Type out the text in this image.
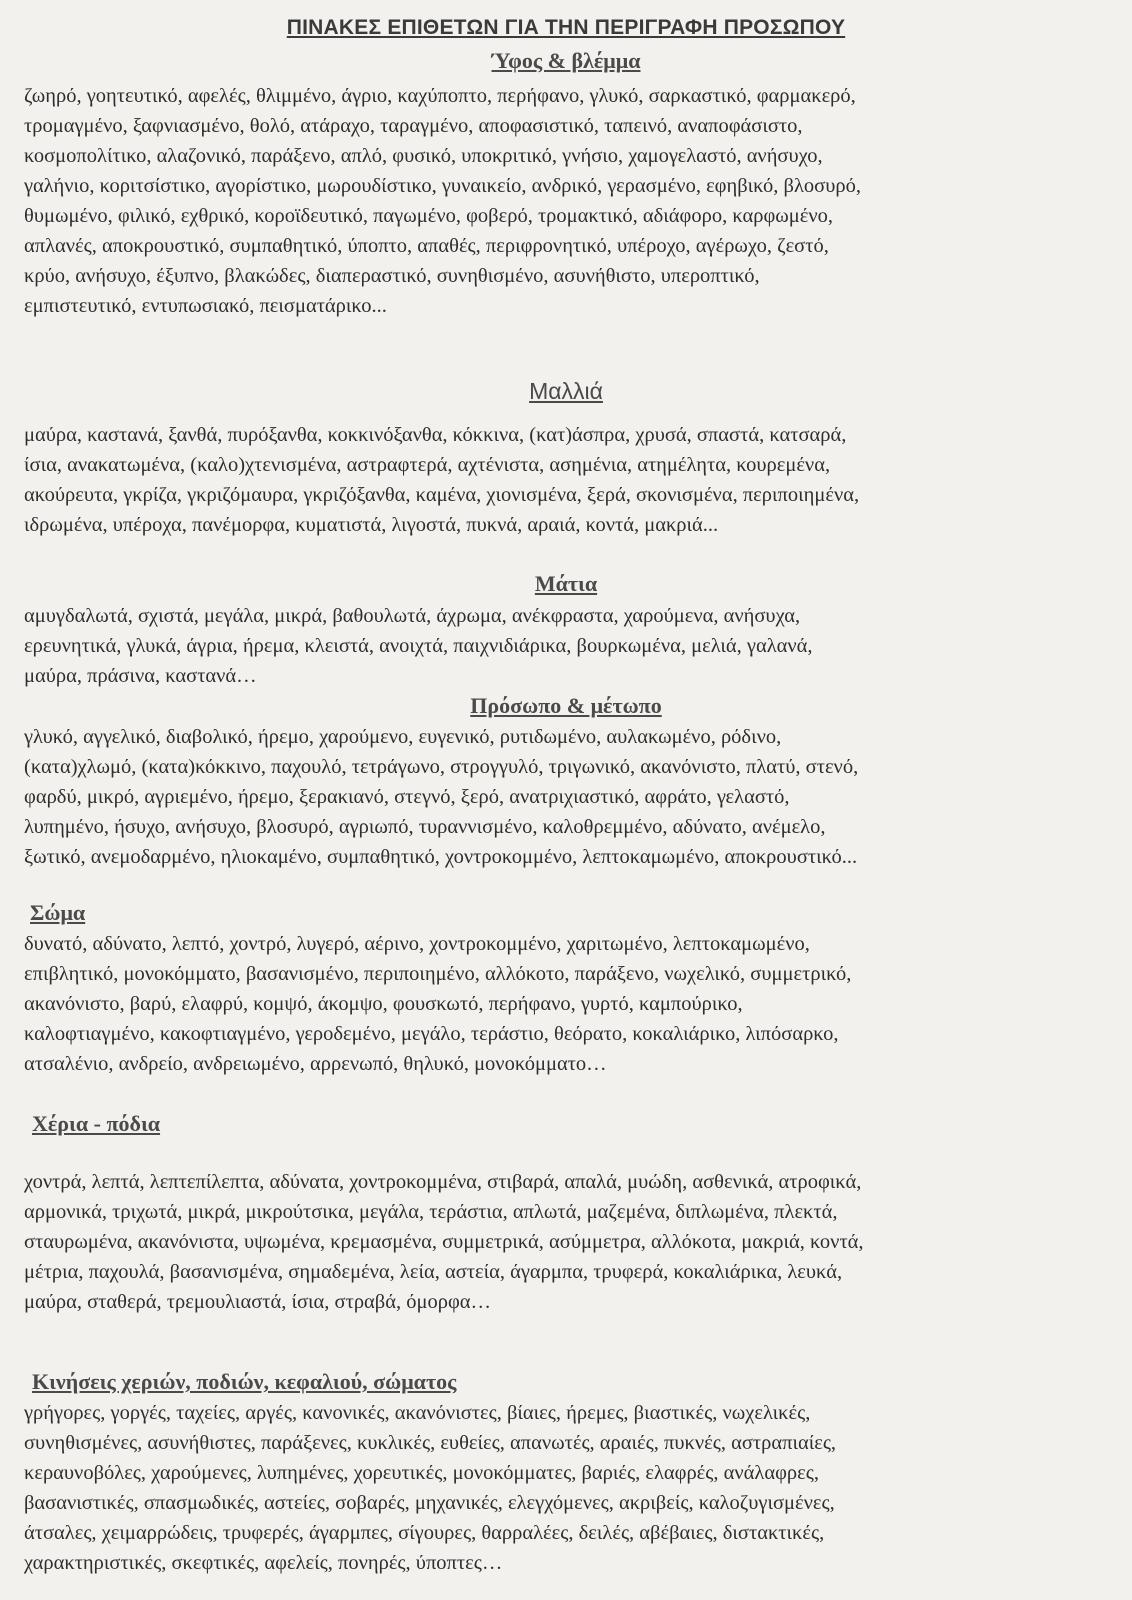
ΠΙΝΑΚΕΣ ΕΠΙΘΕΤΩΝ ΓΙΑ ΤΗΝ ΠΕΡΙΓΡΑΦΗ ΠΡΟΣΩΠΟΥ
Ύφος & βλέμμα
ζωηρό, γοητευτικό, αφελές, θλιμμένο, άγριο, καχύποπτο, περήφανο, γλυκό, σαρκαστικό, φαρμακερό,
τρομαγμένο, ξαφνιασμένο, θολό, ατάραχο, ταραγμένο, αποφασιστικό, ταπεινό, αναποφάσιστο,
κοσμοπολίτικο, αλαζονικό, παράξενο, απλό, φυσικό, υποκριτικό, γνήσιο, χαμογελαστό, ανήσυχο,
γαλήνιο, κοριτσίστικο, αγορίστικο, μωρουδίστικο, γυναικείο, ανδρικό, γερασμένο, εφηβικό, βλοσυρό,
θυμωμένο, φιλικό, εχθρικό, κοροϊδευτικό, παγωμένο, φοβερό, τρομακτικό, αδιάφορο, καρφωμένο,
απλανές, αποκρουστικό, συμπαθητικό, ύποπτο, απαθές, περιφρονητικό, υπέροχο, αγέρωχο, ζεστό,
κρύο, ανήσυχο, έξυπνο, βλακώδες, διαπεραστικό, συνηθισμένο, ασυνήθιστο, υπεροπτικό,
εμπιστευτικό, εντυπωσιακό, πεισματάρικο...
Μαλλιά
μαύρα, καστανά, ξανθά, πυρόξανθα, κοκκινόξανθα, κόκκινα, (κατ)άσπρα, χρυσά, σπαστά, κατσαρά,
ίσια, ανακατωμένα, (καλο)χτενισμένα, αστραφτερά, αχτένιστα, ασημένια, ατημέλητα, κουρεμένα,
ακούρευτα, γκρίζα, γκριζόμαυρα, γκριζόξανθα, καμένα, χιονισμένα, ξερά, σκονισμένα, περιποιημένα,
ιδρωμένα, υπέροχα, πανέμορφα, κυματιστά, λιγοστά, πυκνά, αραιά, κοντά, μακριά...
Μάτια
αμυγδαλωτά, σχιστά, μεγάλα, μικρά, βαθουλωτά, άχρωμα, ανέκφραστα, χαρούμενα, ανήσυχα,
ερευνητικά, γλυκά, άγρια, ήρεμα, κλειστά, ανοιχτά, παιχνιδιάρικα, βουρκωμένα, μελιά, γαλανά,
μαύρα, πράσινα, καστανά…
Πρόσωπο & μέτωπο
γλυκό, αγγελικό, διαβολικό, ήρεμο, χαρούμενο, ευγενικό, ρυτιδωμένο, αυλακωμένο, ρόδινο,
(κατα)χλωμό, (κατα)κόκκινο, παχουλό, τετράγωνο, στρογγυλό, τριγωνικό, ακανόνιστο, πλατύ, στενό,
φαρδύ, μικρό, αγριεμένο, ήρεμο, ξερακιανό, στεγνό, ξερό, ανατριχιαστικό, αφράτο, γελαστό,
λυπημένο, ήσυχο, ανήσυχο, βλοσυρό, αγριωπό, τυραννισμένο, καλοθρεμμένο, αδύνατο, ανέμελο,
ξωτικό, ανεμοδαρμένο, ηλιοκαμένο, συμπαθητικό, χοντροκομμένο, λεπτοκαμωμένο, αποκρουστικό...
Σώμα
δυνατό, αδύνατο, λεπτό, χοντρό, λυγερό, αέρινο, χοντροκομμένο, χαριτωμένο, λεπτοκαμωμένο,
επιβλητικό, μονοκόμματο, βασανισμένο, περιποιημένο, αλλόκοτο, παράξενο, νωχελικό, συμμετρικό,
ακανόνιστο, βαρύ, ελαφρύ, κομψό, άκομψο, φουσκωτό, περήφανο, γυρτό, καμπούρικο,
καλοφτιαγμένο, κακοφτιαγμένο, γεροδεμένο, μεγάλο, τεράστιο, θεόρατο, κοκαλιάρικο, λιπόσαρκο,
ατσαλένιο, ανδρείο, ανδρειωμένο, αρρενωπό, θηλυκό, μονοκόμματο…
Χέρια - πόδια
χοντρά, λεπτά, λεπτεπίλεπτα, αδύνατα, χοντροκομμένα, στιβαρά, απαλά, μυώδη, ασθενικά, ατροφικά,
αρμονικά, τριχωτά, μικρά, μικρούτσικα, μεγάλα, τεράστια, απλωτά, μαζεμένα, διπλωμένα, πλεκτά,
σταυρωμένα, ακανόνιστα, υψωμένα, κρεμασμένα, συμμετρικά, ασύμμετρα, αλλόκοτα, μακριά, κοντά,
μέτρια, παχουλά, βασανισμένα, σημαδεμένα, λεία, αστεία, άγαρμπα, τρυφερά, κοκαλιάρικα, λευκά,
μαύρα, σταθερά, τρεμουλιαστά, ίσια, στραβά, όμορφα…
Κινήσεις χεριών, ποδιών, κεφαλιού, σώματος
γρήγορες, γοργές, ταχείες, αργές, κανονικές, ακανόνιστες, βίαιες, ήρεμες, βιαστικές, νωχελικές,
συνηθισμένες, ασυνήθιστες, παράξενες, κυκλικές, ευθείες, απανωτές, αραιές, πυκνές, αστραπιαίες,
κεραυνοβόλες, χαρούμενες, λυπημένες, χορευτικές, μονοκόμματες, βαριές, ελαφρές, ανάλαφρες,
βασανιστικές, σπασμωδικές, αστείες, σοβαρές, μηχανικές, ελεγχόμενες, ακριβείς, καλοζυγισμένες,
άτσαλες, χειμαρρώδεις, τρυφερές, άγαρμπες, σίγουρες, θαρραλέες, δειλές, αβέβαιες, διστακτικές,
χαρακτηριστικές, σκεφτικές, αφελείς, πονηρές, ύποπτες…
